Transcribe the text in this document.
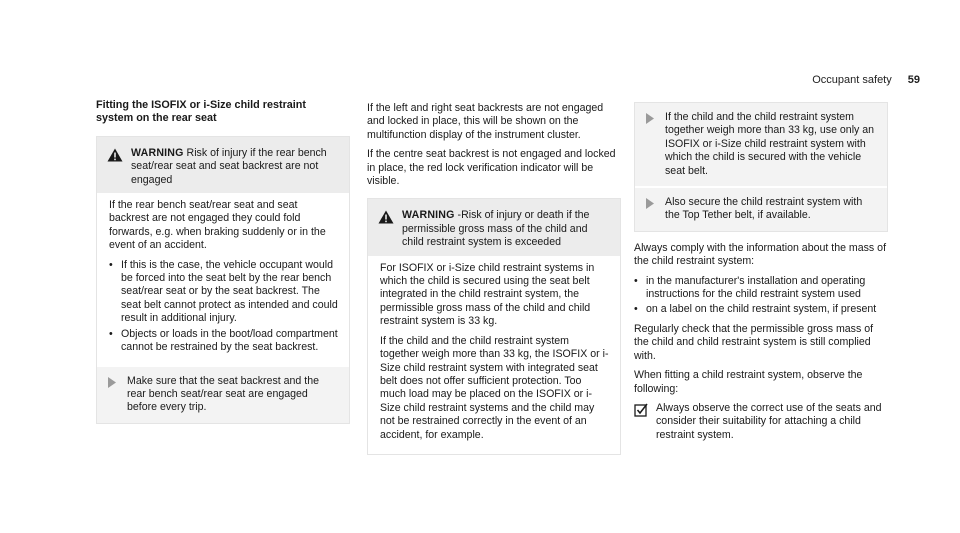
Occupant safety 59
Fitting the ISOFIX or i-Size child restraint
system on the rear seat
WARNING Risk of injury if the rear bench seat/rear seat and seat backrest are not engaged

If the rear bench seat/rear seat and seat backrest are not engaged they could fold forwards, e.g. when braking suddenly or in the event of an accident.

• If this is the case, the vehicle occupant would be forced into the seat belt by the rear bench seat/rear seat or by the seat backrest. The seat belt cannot protect as intended and could result in additional injury.
• Objects or loads in the boot/load compartment cannot be restrained by the seat backrest.
Make sure that the seat backrest and the rear bench seat/rear seat are engaged before every trip.

If the left and right seat backrests are not engaged and locked in place, this will be shown on the multifunction display of the instrument cluster.

If the centre seat backrest is not engaged and locked in place, the red lock verification indicator will be visible.

WARNING -Risk of injury or death if the permissible gross mass of the child and child restraint system is exceeded

For ISOFIX or i-Size child restraint systems in which the child is secured using the seat belt integrated in the child restraint system, the permissible gross mass of the child and child restraint system is 33 kg.

If the child and the child restraint system together weigh more than 33 kg, the ISOFIX or i-Size child restraint system with integrated seat belt does not offer sufficient protection. Too much load may be placed on the ISOFIX or i-Size child restraint systems and the child may not be restrained correctly in the event of an accident, for example.

If the child and the child restraint system together weigh more than 33 kg, use only an ISOFIX or i-Size child restraint system with which the child is secured with the vehicle seat belt.
Also secure the child restraint system with the Top Tether belt, if available.

Always comply with the information about the mass of the child restraint system:

• in the manufacturer's installation and operating instructions for the child restraint system used
• on a label on the child restraint system, if present

Regularly check that the permissible gross mass of the child and child restraint system is still complied with.

When fitting a child restraint system, observe the following:

Always observe the correct use of the seats and consider their suitability for attaching a child restraint system.
